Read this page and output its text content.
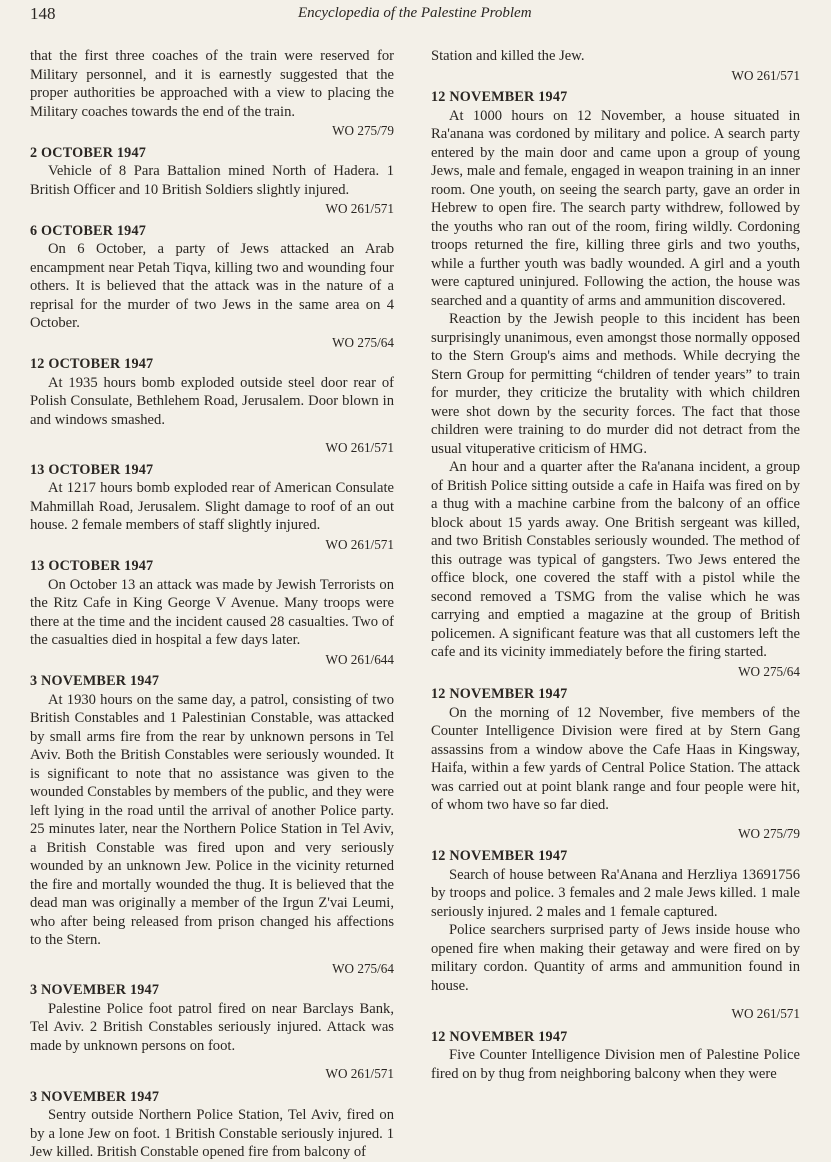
148	Encyclopedia of the Palestine Problem

that the first three coaches of the train were reserved for Military personnel, and it is earnestly suggested that the proper authorities be approached with a view to placing the Military coaches towards the end of the train.

WO 275/79
2 OCTOBER 1947

Vehicle of 8 Para Battalion mined North of Hadera. 1 British Officer and 10 British Soldiers slightly injured.

WO 261/571
6 OCTOBER 1947

On 6 October, a party of Jews attacked an Arab encampment near Petah Tiqva, killing two and wounding four others. It is believed that the attack was in the nature of a reprisal for the murder of two Jews in the same area on 4 October.

WO 275/64
12 OCTOBER 1947

At 1935 hours bomb exploded outside steel door rear of Polish Consulate, Bethlehem Road, Jerusalem. Door blown in and windows smashed.

WO 261/571
13 OCTOBER 1947

At 1217 hours bomb exploded rear of American Consulate Mahmillah Road, Jerusalem. Slight damage to roof of an out house. 2 female members of staff slightly injured.

WO 261/571
13 OCTOBER 1947

On October 13 an attack was made by Jewish Terrorists on the Ritz Cafe in King George V Avenue. Many troops were there at the time and the incident caused 28 casualties. Two of the casualties died in hospital a few days later.

WO 261/644
3 NOVEMBER 1947

At 1930 hours on the same day, a patrol, consisting of two British Constables and 1 Palestinian Constable, was attacked by small arms fire from the rear by unknown persons in Tel Aviv. Both the British Constables were seriously wounded. It is significant to note that no assistance was given to the wounded Constables by members of the public, and they were left lying in the road until the arrival of another Police party. 25 minutes later, near the Northern Police Station in Tel Aviv, a British Constable was fired upon and very seriously wounded by an unknown Jew. Police in the vicinity returned the fire and mortally wounded the thug. It is believed that the dead man was originally a member of the Irgun Z'vai Leumi, who after being released from prison changed his affections to the Stern.

WO 275/64
3 NOVEMBER 1947

Palestine Police foot patrol fired on near Barclays Bank, Tel Aviv. 2 British Constables seriously injured. Attack was made by unknown persons on foot.

WO 261/571
3 NOVEMBER 1947

Sentry outside Northern Police Station, Tel Aviv, fired on by a lone Jew on foot. 1 British Constable seriously injured. 1 Jew killed. British Constable opened fire from balcony of

Station and killed the Jew.

WO 261/571
12 NOVEMBER 1947

At 1000 hours on 12 November, a house situated in Ra'anana was cordoned by military and police. A search party entered by the main door and came upon a group of young Jews, male and female, engaged in weapon training in an inner room. One youth, on seeing the search party, gave an order in Hebrew to open fire. The search party withdrew, followed by the youths who ran out of the room, firing wildly. Cordoning troops returned the fire, killing three girls and two youths, while a further youth was badly wounded. A girl and a youth were captured uninjured. Following the action, the house was searched and a quantity of arms and ammunition discovered.

Reaction by the Jewish people to this incident has been surprisingly unanimous, even amongst those normally opposed to the Stern Group's aims and methods. While decrying the Stern Group for permitting “children of tender years” to train for murder, they criticize the brutality with which children were shot down by the security forces. The fact that those children were training to do murder did not detract from the usual vituperative criticism of HMG.

An hour and a quarter after the Ra'anana incident, a group of British Police sitting outside a cafe in Haifa was fired on by a thug with a machine carbine from the balcony of an office block about 15 yards away. One British sergeant was killed, and two British Constables seriously wounded. The method of this outrage was typical of gangsters. Two Jews entered the office block, one covered the staff with a pistol while the second removed a TSMG from the valise which he was carrying and emptied a magazine at the group of British policemen. A significant feature was that all customers left the cafe and its vicinity immediately before the firing started.

WO 275/64
12 NOVEMBER 1947

On the morning of 12 November, five members of the Counter Intelligence Division were fired at by Stern Gang assassins from a window above the Cafe Haas in Kingsway, Haifa, within a few yards of Central Police Station. The attack was carried out at point blank range and four people were hit, of whom two have so far died.

WO 275/79
12 NOVEMBER 1947

Search of house between Ra'Anana and Herzliya 13691756 by troops and police. 3 females and 2 male Jews killed. 1 male seriously injured. 2 males and 1 female captured.

Police searchers surprised party of Jews inside house who opened fire when making their getaway and were fired on by military cordon. Quantity of arms and ammunition found in house.

WO 261/571
12 NOVEMBER 1947

Five Counter Intelligence Division men of Palestine Police fired on by thug from neighboring balcony when they were
